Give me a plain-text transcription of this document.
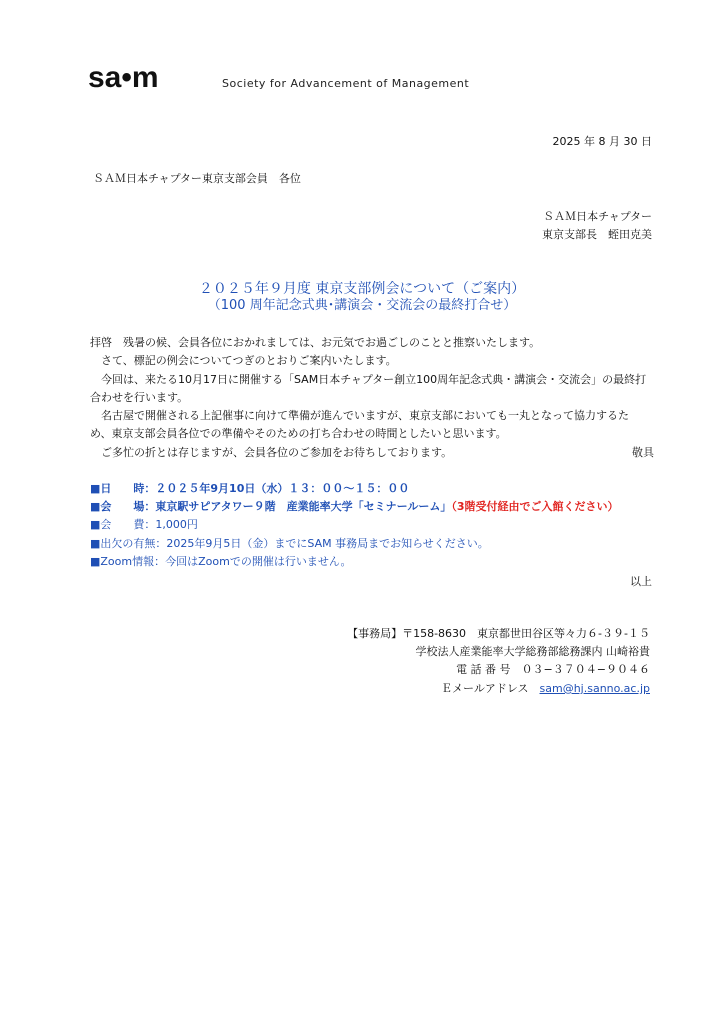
sa•m	Society for Advancement of Management
2025 年 8 月 30 日
ＳＡＭ日本チャプター東京支部会員　各位
ＳＡＭ日本チャプター
東京支部長　蛭田克美
２０２５年９月度 東京支部例会について（ご案内）
（100 周年記念式典･講演会・交流会の最終打合せ）
拝啓　残暑の候、会員各位におかれましては、お元気でお過ごしのことと推察いたします。
　さて、標記の例会についてつぎのとおりご案内いたします。
　今回は、来たる10月17日に開催する「SAM日本チャプター創立100周年記念式典・講演会・交流会」の最終打
合わせを行います。
　名古屋で開催される上記催事に向けて準備が進んでいますが、東京支部においても一丸となって協力するた
め、東京支部会員各位での準備やそのための打ち合わせの時間としたいと思います。
　ご多忙の折とは存じますが、会員各位のご参加をお待ちしております。	敬具
■日　　時：２０２５年9月10日（水）１３：００〜１５：００
■会　　場：東京駅サピアタワー９階　産業能率大学「セミナールーム」（3階受付経由でご入館ください）
■会　　費：1,000円
■出欠の有無：2025年9月5日（金）までにSAM 事務局までお知らせください。
■Zoom情報：今回はZoomでの開催は行いません。
以上
【事務局】〒158-8630　東京都世田谷区等々力６-３９-１５
学校法人産業能率大学総務部総務課内 山崎裕貴
電 話 番 号　０３−３７０４−９０４６
Ｅメールアドレス　sam@hj.sanno.ac.jp
